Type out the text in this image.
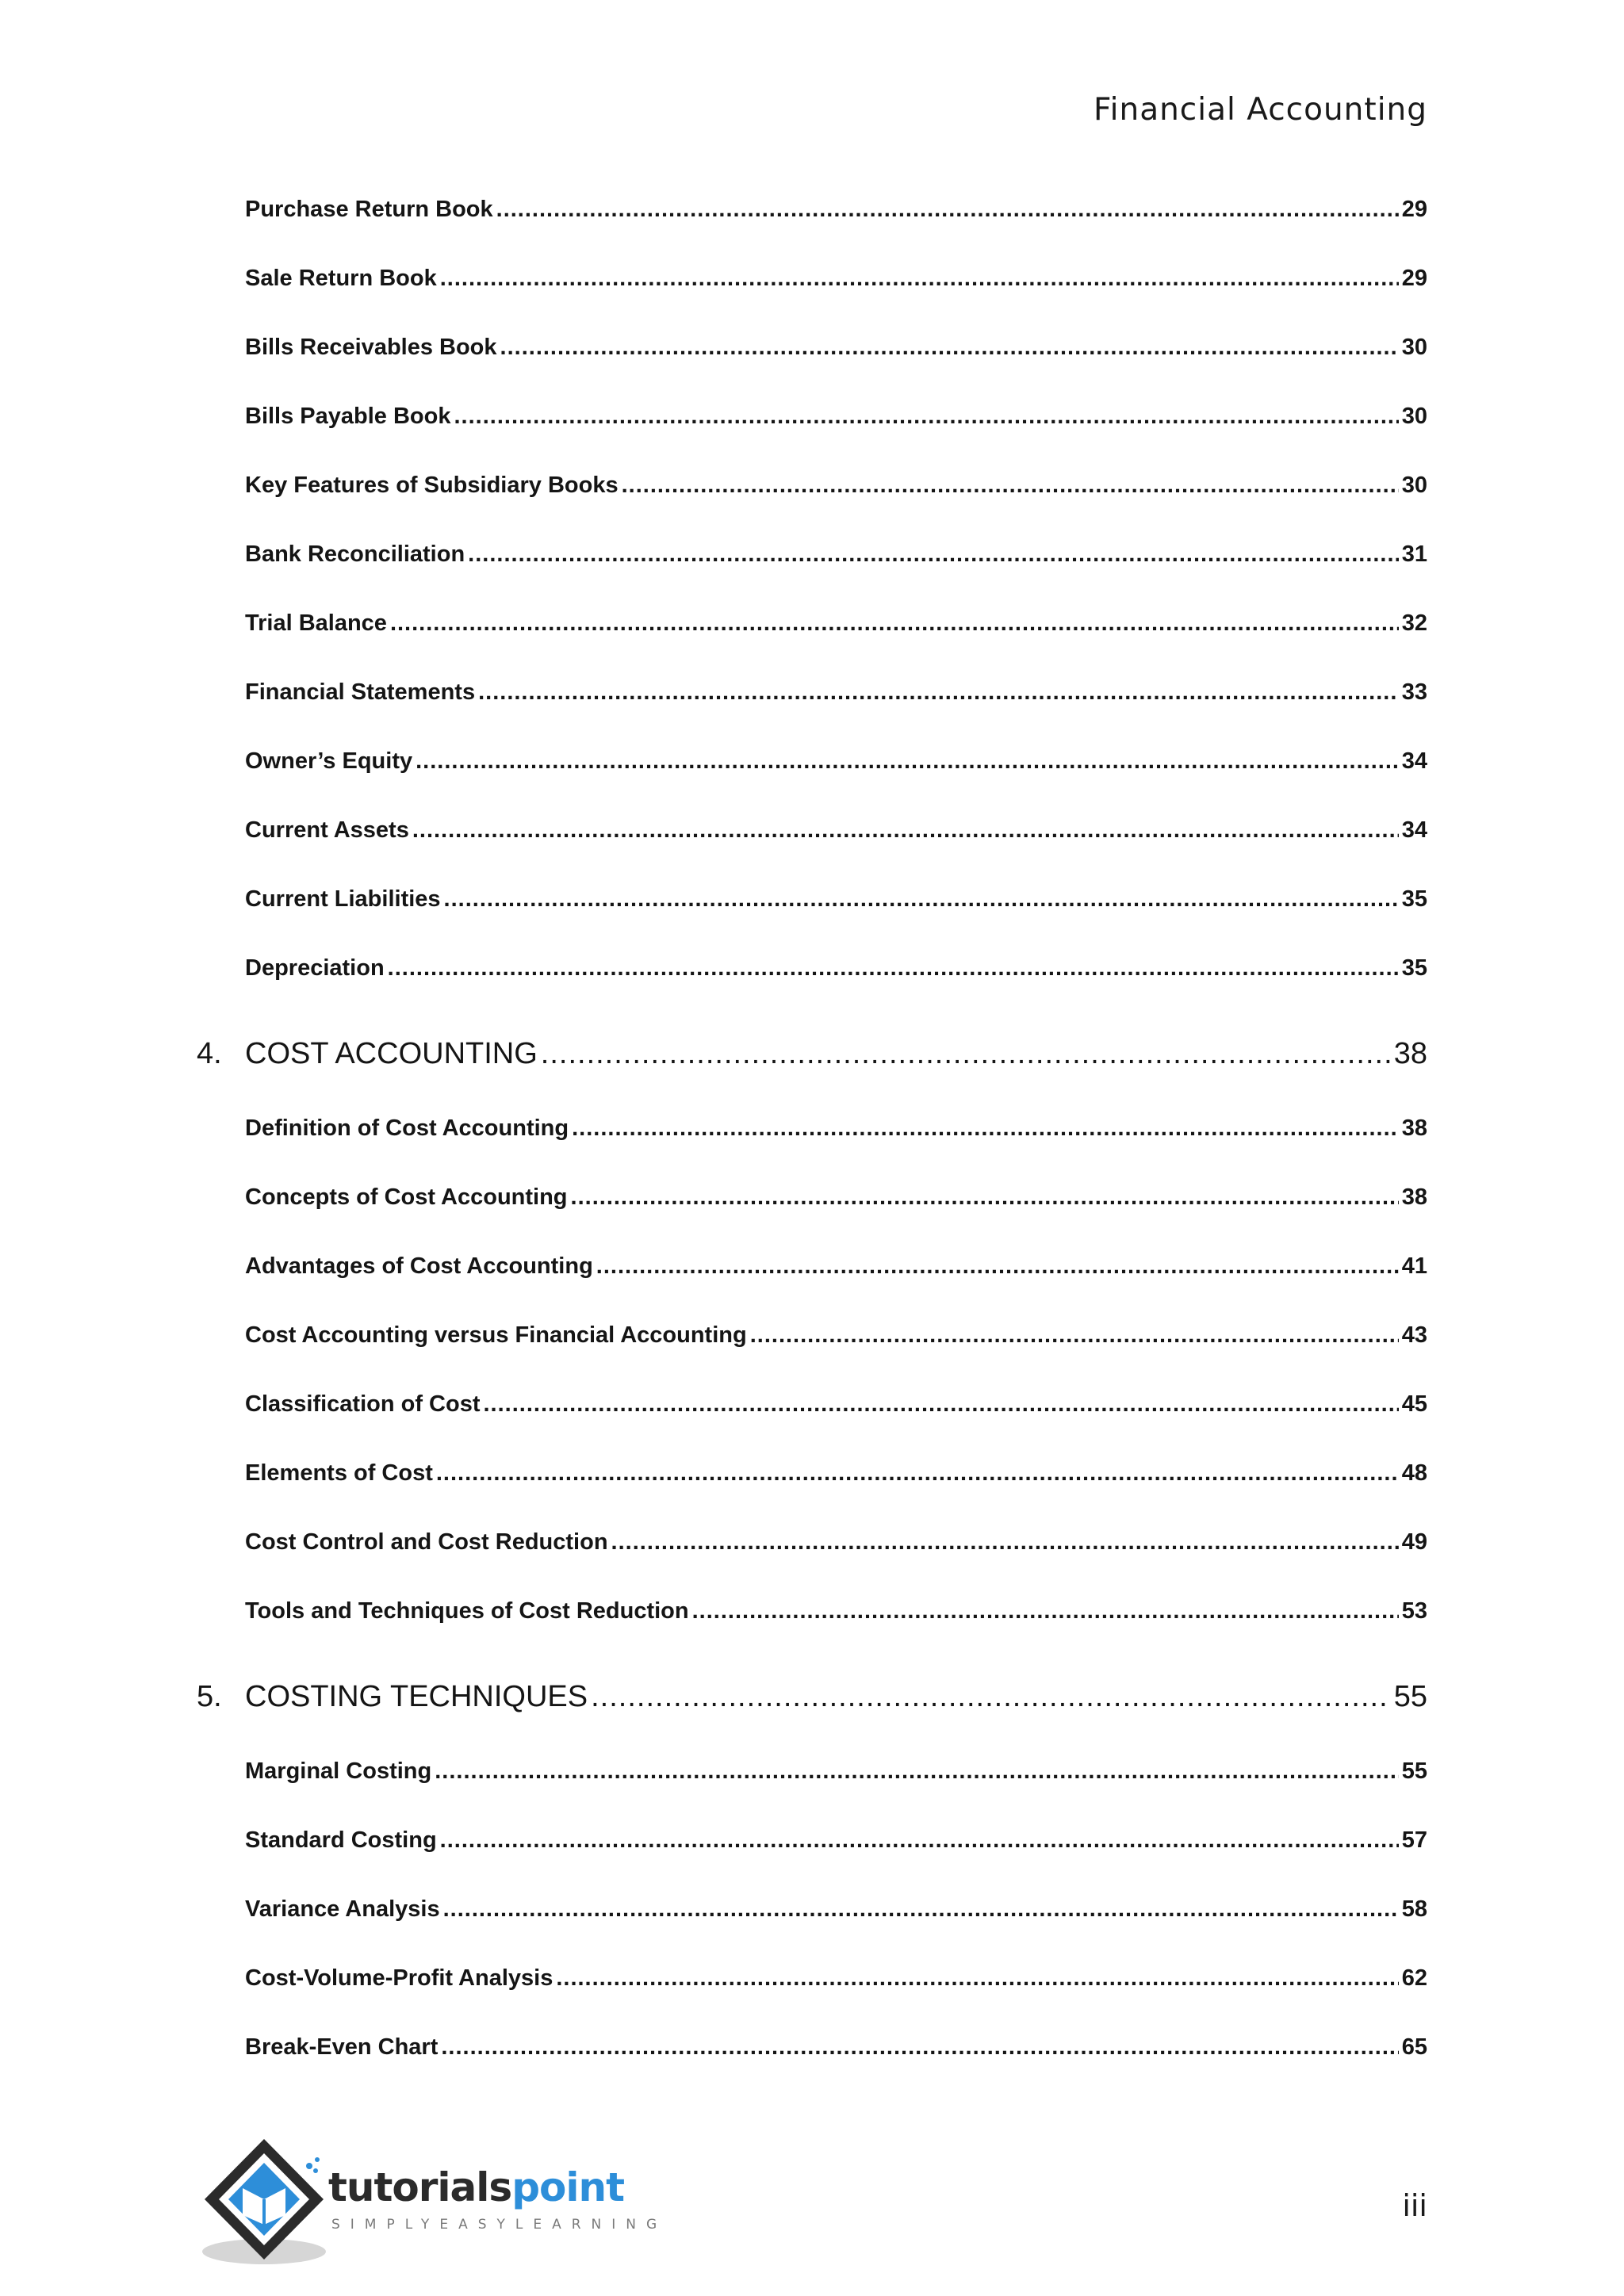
Financial Accounting
Purchase Return Book .....	29
Sale Return Book .....	29
Bills Receivables Book .....	30
Bills Payable Book .....	30
Key Features of Subsidiary Books .....	30
Bank Reconciliation .....	31
Trial Balance .....	32
Financial Statements .....	33
Owner’s Equity .....	34
Current Assets .....	34
Current Liabilities .....	35
Depreciation .....	35
4. COST ACCOUNTING .....	38
Definition of Cost Accounting .....	38
Concepts of Cost Accounting .....	38
Advantages of Cost Accounting .....	41
Cost Accounting versus Financial Accounting .....	43
Classification of Cost .....	45
Elements of Cost .....	48
Cost Control and Cost Reduction .....	49
Tools and Techniques of Cost Reduction .....	53
5. COSTING TECHNIQUES .....	55
Marginal Costing .....	55
Standard Costing .....	57
Variance Analysis .....	58
Cost-Volume-Profit Analysis .....	62
Break-Even Chart .....	65
tutorialspoint
SIMPLYEASYLEARNING
iii
